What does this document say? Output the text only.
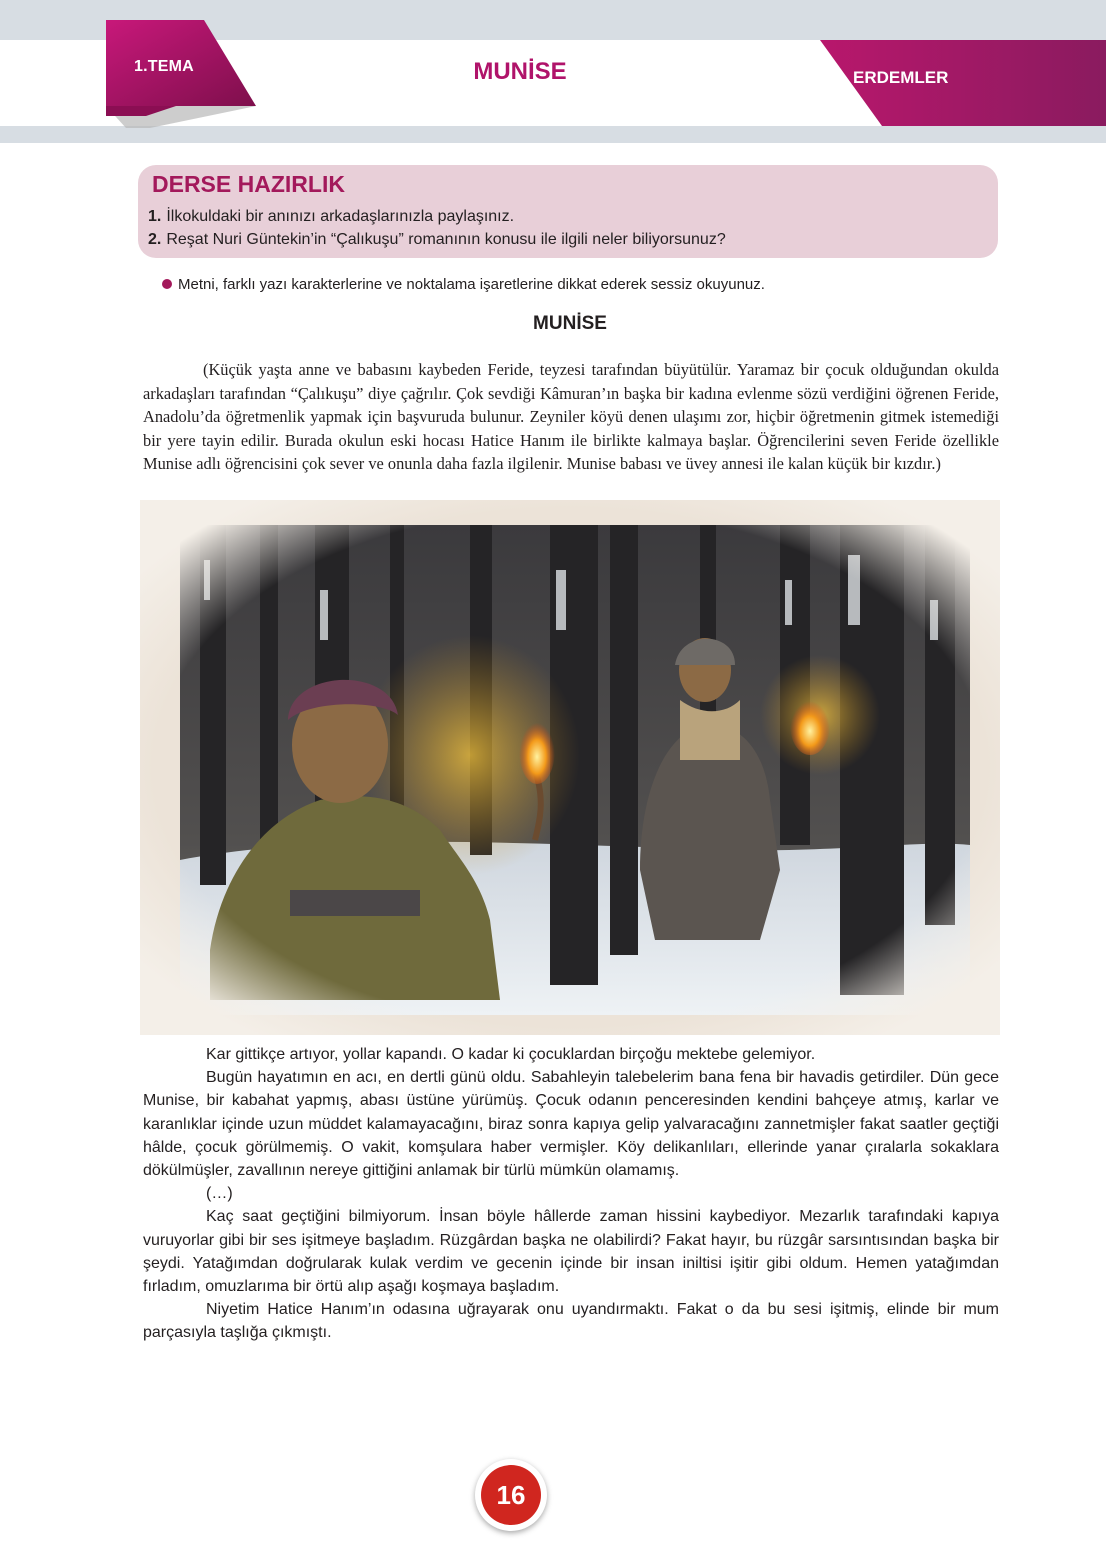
1.TEMA	MUNİSE	ERDEMLER
DERSE HAZIRLIK
1. İlkokuldaki bir anınızı arkadaşlarınızla paylaşınız.
2. Reşat Nuri Güntekin’in “Çalıkuşu” romanının konusu ile ilgili neler biliyorsunuz?
Metni, farklı yazı karakterlerine ve noktalama işaretlerine dikkat ederek sessiz okuyunuz.
MUNİSE

(Küçük yaşta anne ve babasını kaybeden Feride, teyzesi tarafından büyütülür. Yaramaz bir çocuk olduğundan okulda arkadaşları tarafından “Çalıkuşu” diye çağrılır. Çok sevdiği Kâmuran’ın başka bir kadına evlenme sözü verdiğini öğrenen Feride, Anadolu’da öğretmenlik yapmak için başvuruda bulunur. Zeyniler köyü denen ulaşımı zor, hiçbir öğretmenin gitmek istemediği bir yere tayin edilir. Burada okulun eski hocası Hatice Hanım ile birlikte kalmaya başlar. Öğrencilerini seven Feride özellikle Munise adlı öğrencisini çok sever ve onunla daha fazla ilgilenir. Munise babası ve üvey annesi ile kalan küçük bir kızdır.)

Kar gittikçe artıyor, yollar kapandı. O kadar ki çocuklardan birçoğu mektebe gelemiyor.

Bugün hayatımın en acı, en dertli günü oldu. Sabahleyin talebelerim bana fena bir havadis getirdiler. Dün gece Munise, bir kabahat yapmış, abası üstüne yürümüş. Çocuk odanın penceresinden kendini bahçeye atmış, karlar ve karanlıklar içinde uzun müddet kalamayacağını, biraz sonra kapıya gelip yalvaracağını zannetmişler fakat saatler geçtiği hâlde, çocuk görülmemiş. O vakit, komşulara haber vermişler. Köy delikanlıları, ellerinde yanar çıralarla sokaklara dökülmüşler, zavallının nereye gittiğini anlamak bir türlü mümkün olamamış.

(…)

Kaç saat geçtiğini bilmiyorum. İnsan böyle hâllerde zaman hissini kaybediyor. Mezarlık tarafındaki kapıya vuruyorlar gibi bir ses işitmeye başladım. Rüzgârdan başka ne olabilirdi? Fakat hayır, bu rüzgâr sarsıntısından başka bir şeydi. Yatağımdan doğrularak kulak verdim ve gecenin içinde bir insan iniltisi işitir gibi oldum. Hemen yatağımdan fırladım, omuzlarıma bir örtü alıp aşağı koşmaya başladım.

Niyetim Hatice Hanım’ın odasına uğrayarak onu uyandırmaktı. Fakat o da bu sesi işitmiş, elinde bir mum parçasıyla taşlığa çıkmıştı.

16
